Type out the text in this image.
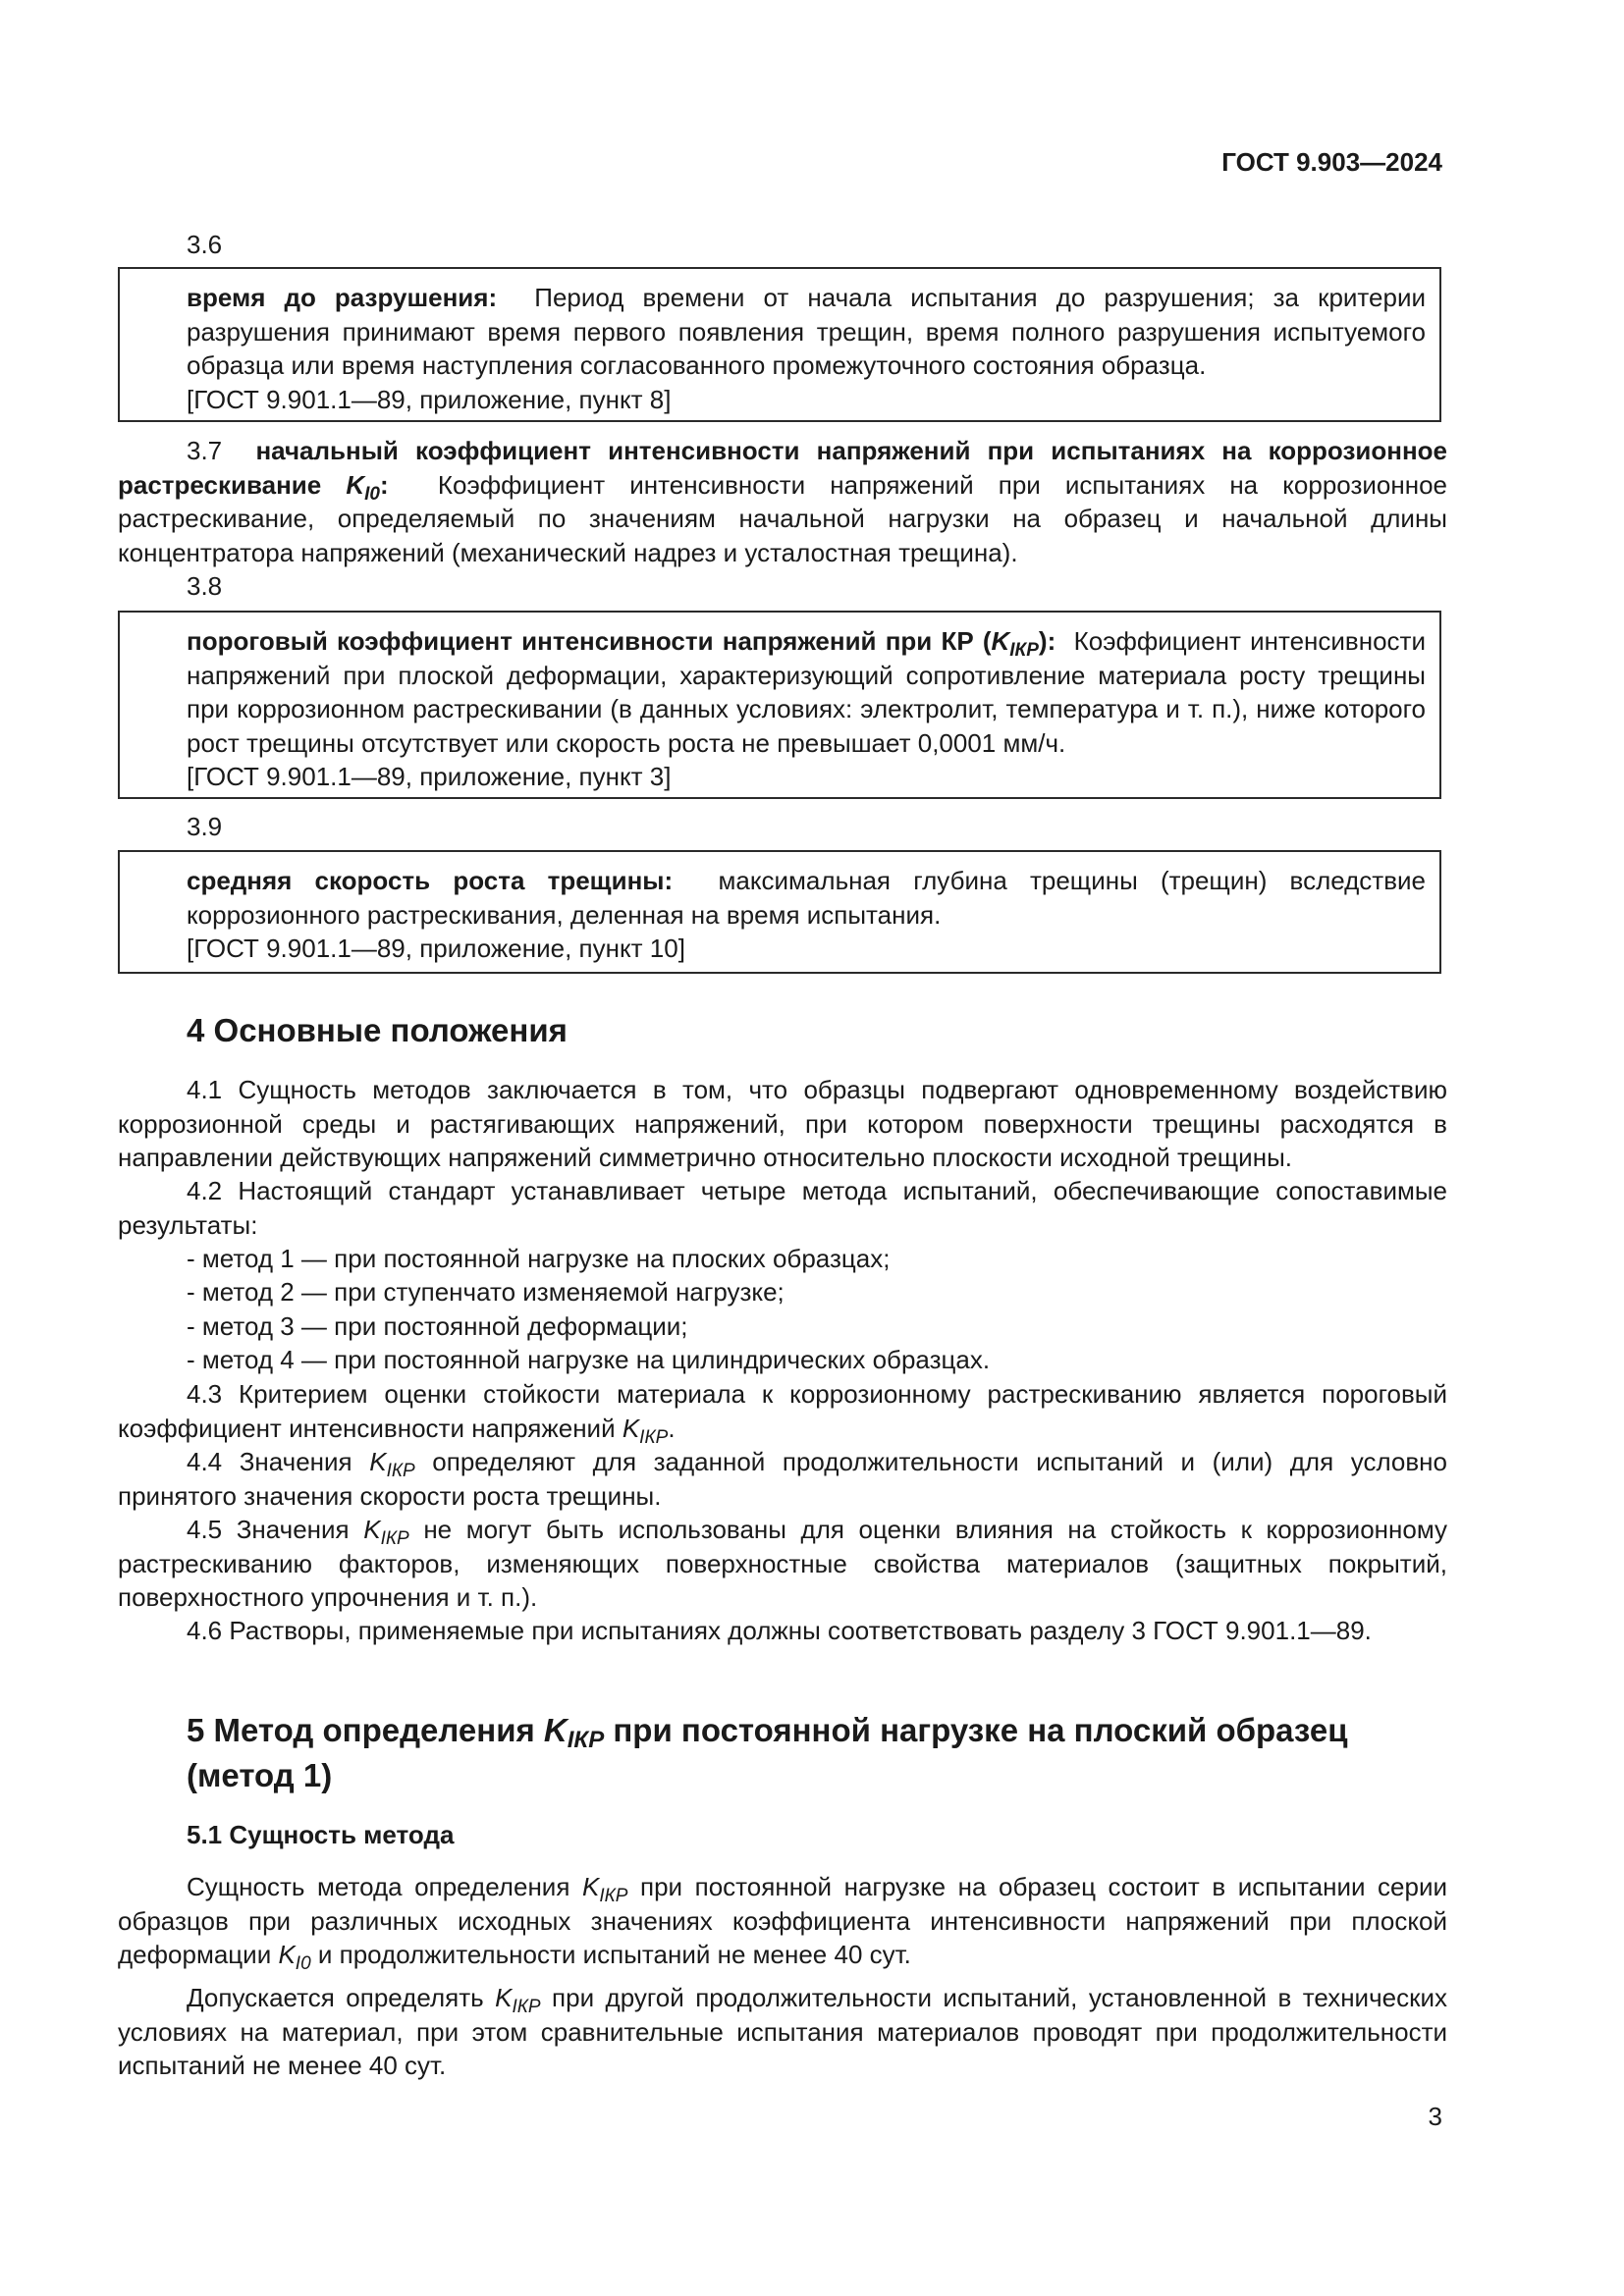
ГОСТ 9.903—2024
3.6

время до разрушения: Период времени от начала испытания до разрушения; за критерии разрушения принимают время первого появления трещин, время полного разрушения испытуемого образца или время наступления согласованного промежуточного состояния образца.

[ГОСТ 9.901.1—89, приложение, пункт 8]

3.7 начальный коэффициент интенсивности напряжений при испытаниях на коррозионное растрескивание $K_{I0}$: Коэффициент интенсивности напряжений при испытаниях на коррозионное растрескивание, определяемый по значениям начальной нагрузки на образец и начальной длины концентратора напряжений (механический надрез и усталостная трещина).
3.8

пороговый коэффициент интенсивности напряжений при КР $(K_{IКР})$: Коэффициент интенсивности напряжений при плоской деформации, характеризующий сопротивление материала росту трещины при коррозионном растрескивании (в данных условиях: электролит, температура и т. п.), ниже которого рост трещины отсутствует или скорость роста не превышает 0,0001 мм/ч.

[ГОСТ 9.901.1—89, приложение, пункт 3]

3.9

средняя скорость роста трещины: максимальная глубина трещины (трещин) вследствие коррозионного растрескивания, деленная на время испытания.

[ГОСТ 9.901.1—89, приложение, пункт 10]

4 Основные положения
4.1 Сущность методов заключается в том, что образцы подвергают одновременному воздействию коррозионной среды и растягивающих напряжений, при котором поверхности трещины расходятся в направлении действующих напряжений симметрично относительно плоскости исходной трещины.
4.2 Настоящий стандарт устанавливает четыре метода испытаний, обеспечивающие сопоставимые результаты:
- метод 1 — при постоянной нагрузке на плоских образцах;
- метод 2 — при ступенчато изменяемой нагрузке;
- метод 3 — при постоянной деформации;
- метод 4 — при постоянной нагрузке на цилиндрических образцах.
4.3 Критерием оценки стойкости материала к коррозионному растрескиванию является пороговый коэффициент интенсивности напряжений $K_{IКР}$.
4.4 Значения $K_{IКР}$ определяют для заданной продолжительности испытаний и (или) для условно принятого значения скорости роста трещины.
4.5 Значения $K_{IКР}$ не могут быть использованы для оценки влияния на стойкость к коррозионному растрескиванию факторов, изменяющих поверхностные свойства материалов (защитных покрытий, поверхностного упрочнения и т. п.).
4.6 Растворы, применяемые при испытаниях должны соответствовать разделу 3 ГОСТ 9.901.1—89.
5 Метод определения $K_{IКР}$ при постоянной нагрузке на плоский образец (метод 1)
5.1 Сущность метода
Сущность метода определения $K_{IКР}$ при постоянной нагрузке на образец состоит в испытании серии образцов при различных исходных значениях коэффициента интенсивности напряжений при плоской деформации $K_{I0}$ и продолжительности испытаний не менее 40 сут.
Допускается определять $K_{IКР}$ при другой продолжительности испытаний, установленной в технических условиях на материал, при этом сравнительные испытания материалов проводят при продолжительности испытаний не менее 40 сут.
3
